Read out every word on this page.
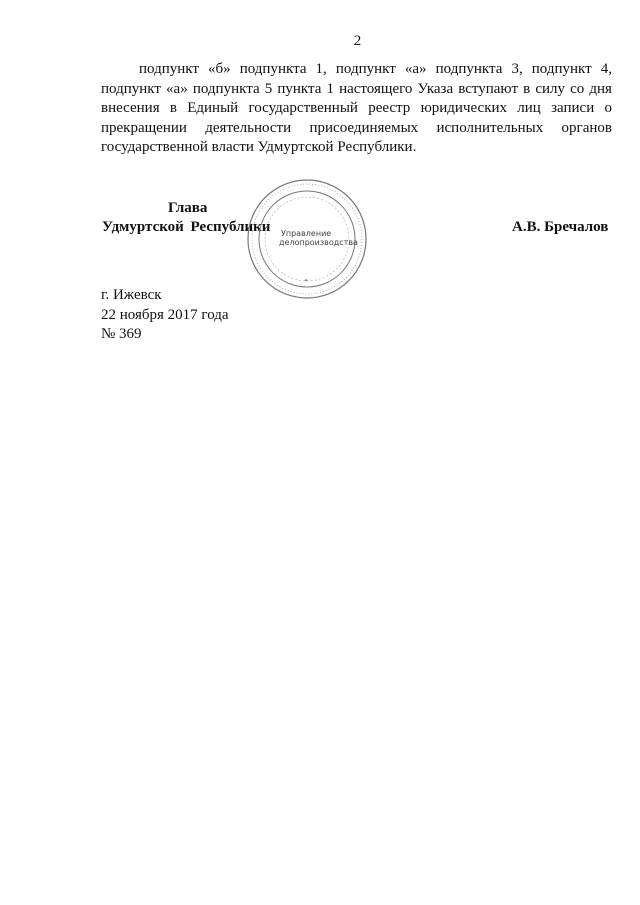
2
подпункт «б» подпункта 1, подпункт «а» подпункта 3, подпункт 4,
подпункт «а» подпункта 5 пункта 1 настоящего Указа вступают в силу со дня
внесения в Единый государственный реестр юридических лиц записи о
прекращении деятельности присоединяемых исполнительных органов
государственной власти Удмуртской Республики.
Глава
Удмуртской Республики
· · · · · · · · ·	· · · · · · · · ·
· · · · · · · ·
· · · · · · · ·
· · · · · · · ·
✦
Управление
делопроизводства
А.В. Бречалов
г. Ижевск
22 ноября 2017 года
№ 369
